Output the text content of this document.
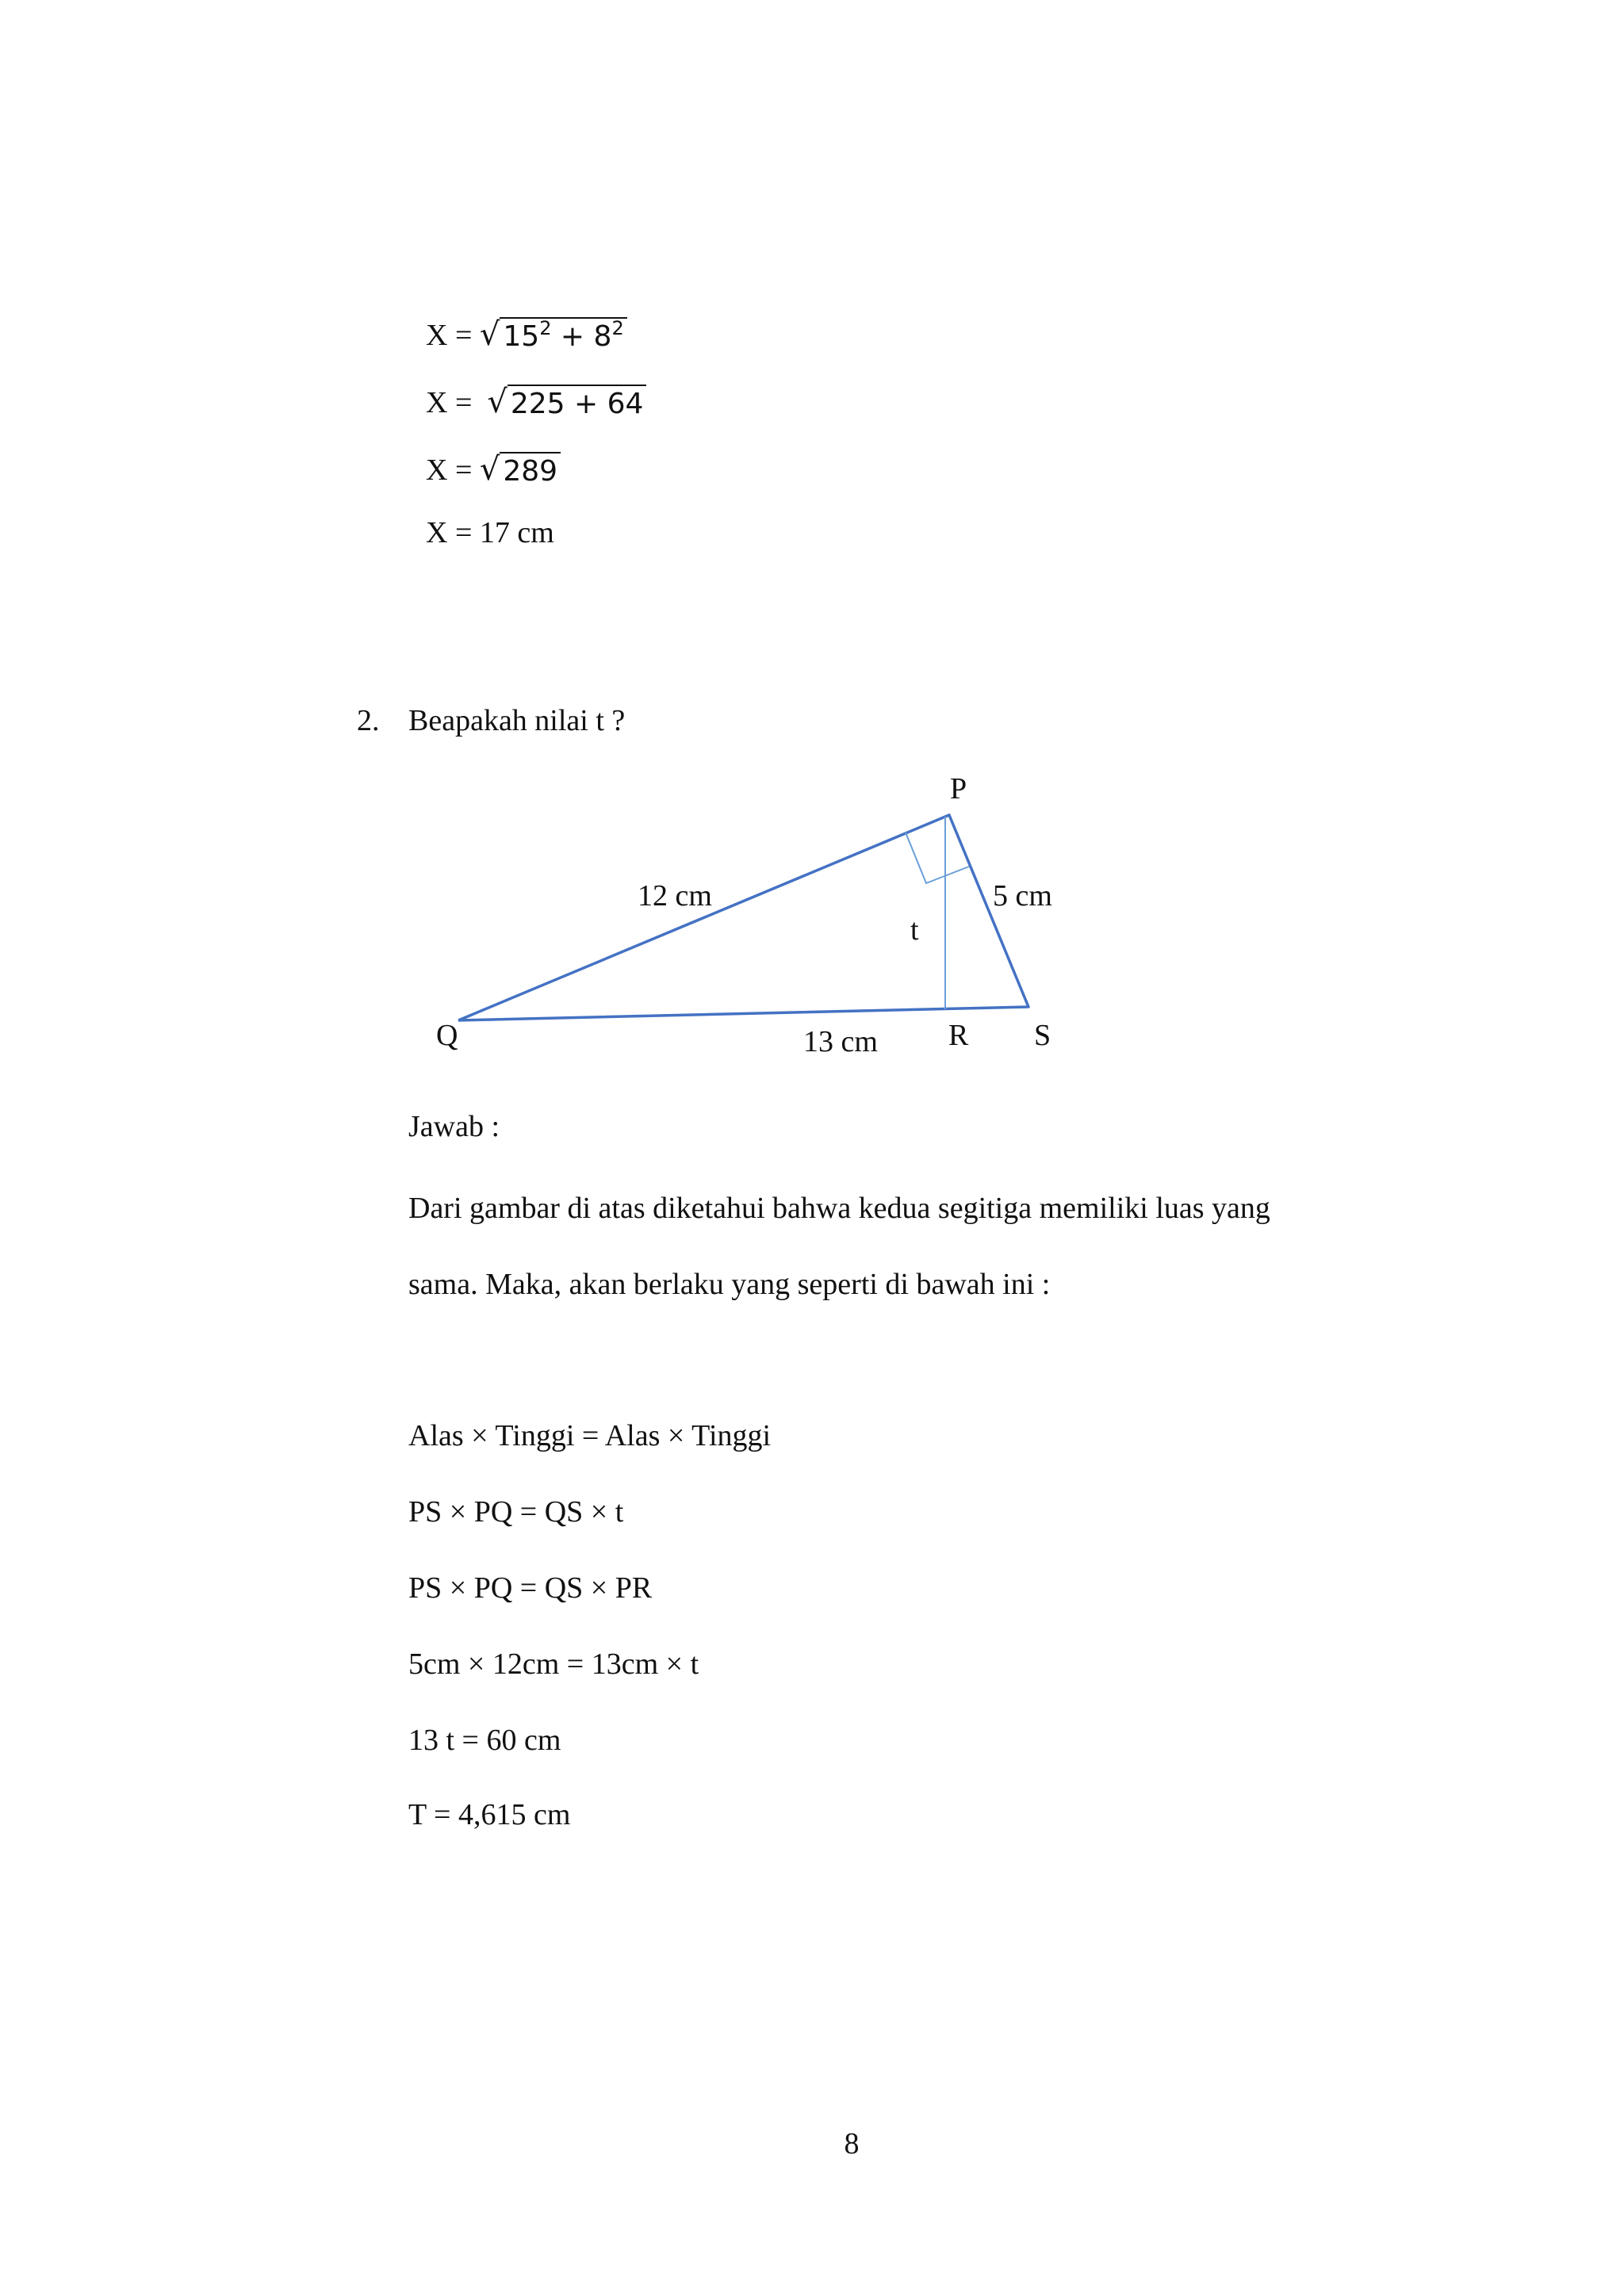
X = √ $15^2 + 8^2$
X = √ 225 + 64
X = √ 289
X = 17 cm
2. Beapakah nilai t ?
P
Q	R S
t
12 cm	5 cm
13 cm
Jawab :
Dari gambar di atas diketahui bahwa kedua segitiga memiliki luas yang
sama. Maka, akan berlaku yang seperti di bawah ini :
Alas × Tinggi = Alas × Tinggi
PS × PQ = QS × t
PS × PQ = QS × PR
5cm × 12cm = 13cm × t
13 t = 60 cm
T = 4,615 cm
8
